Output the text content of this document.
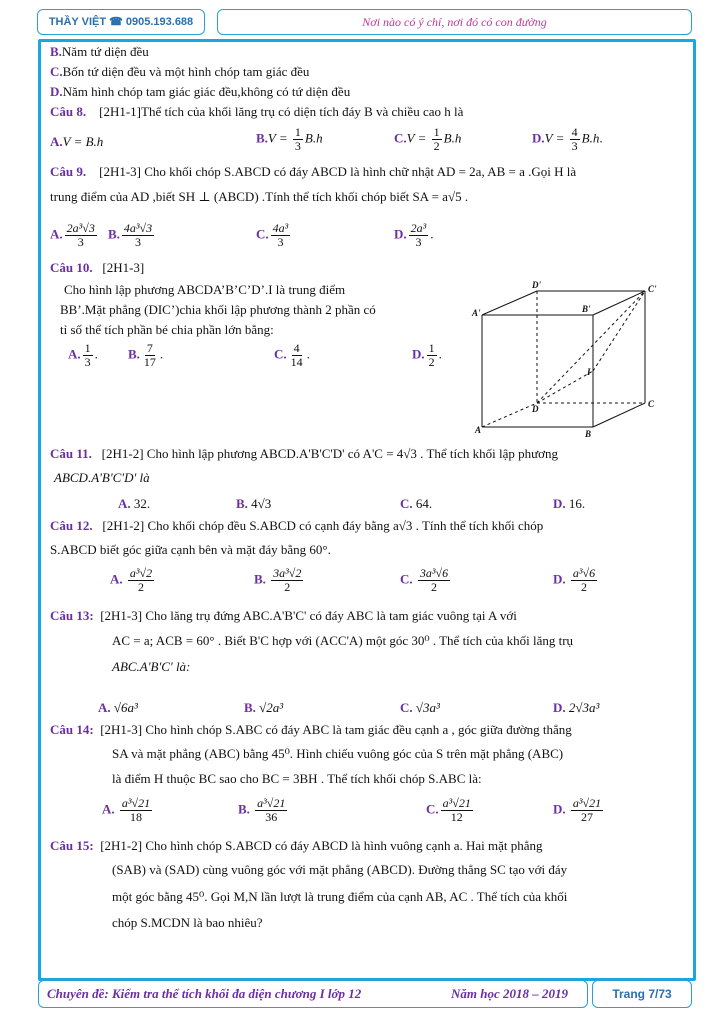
THẦY VIỆT ☎ 0905.193.688	Nơi nào có ý chí, nơi đó có con đường
B.Năm tứ diện đều
C.Bốn tứ diện đều và một hình chóp tam giác đều
D.Năm hình chóp tam giác giác đều,không có tứ diện đều
Câu 8. [2H1-1]Thể tích của khối lăng trụ có diện tích đáy B và chiều cao h là
A.V = B.h	$B.V = \frac{1}{3} B.h$	$C.V = \frac{1}{2} B.h$	$D.V = \frac{4}{3} B.h$.
Câu 9. [2H1-3] Cho khối chóp S.ABCD có đáy ABCD là hình chữ nhật AD = 2a, AB = a .Gọi H là
trung điểm của AD ,biết SH ⊥ (ABCD) .Tính thể tích khối chóp biết SA = a√5 .
A. $\frac{\text{2a³√3}}{3} B$. $\frac{\text{4a³√3}}{3}$	C. $\frac{\text{4a³}}{3}$	D. $\frac{\text{2a³}}{3}$ .
Câu 10. [2H1-3]
Cho hình lập phương ABCDA’B’C’D’.I là trung điểm
BB’.Mặt phẳng (DIC’)chia khối lập phương thành 2 phần có
tỉ số thể tích phần bé chia phần lớn bằng:
A. $\frac{1}{3}$ . B. $\frac{7}{17}$ .	C. $\frac{4}{14}$ .	D. $\frac{1}{2}$ .
D'	C'
A'	B'
I
D	C
A	B
Câu 11. [2H1-2] Cho hình lập phương ABCD.A'B'C'D' có A'C = 4√3 . Thể tích khối lập phương
ABCD.A'B'C'D' là
A. 32.	B. 4√3	C. 64.	D. 16.
Câu 12. [2H1-2] Cho khối chóp đều S.ABCD có cạnh đáy bằng a√3 . Tính thể tích khối chóp
S.ABCD biết góc giữa cạnh bên và mặt đáy bằng 60°.
A. $\frac{\text{a³√2}}{2}$	B. $\frac{\text{3a³√2}}{2}$	C. $\frac{\text{3a³√6}}{2}$	D. $\frac{\text{a³√6}}{2}$
Câu 13: [2H1-3] Cho lăng trụ đứng ABC.A'B'C' có đáy ABC là tam giác vuông tại A với
AC = a; ACB = 60° . Biết B'C hợp với (ACC'A) một góc 30⁰ . Thể tích của khối lăng trụ
ABC.A'B'C' là:
A. √6a³	B. √2a³	C. √3a³	D. 2√3a³
Câu 14: [2H1-3] Cho hình chóp S.ABC có đáy ABC là tam giác đều cạnh a , góc giữa đường thẳng
SA và mặt phẳng (ABC) bằng 45⁰. Hình chiếu vuông góc của S trên mặt phẳng (ABC)
là điểm H thuộc BC sao cho BC = 3BH . Thể tích khối chóp S.ABC là:
A. $\frac{\text{a³√21}}{18}$	B. $\frac{\text{a³√21}}{36}$	C. $\frac{\text{a³√21}}{12}$	D. $\frac{\text{a³√21}}{27}$
Câu 15: [2H1-2] Cho hình chóp S.ABCD có đáy ABCD là hình vuông cạnh a. Hai mặt phẳng
(SAB) và (SAD) cùng vuông góc với mặt phẳng (ABCD). Đường thẳng SC tạo với đáy
một góc bằng 45⁰. Gọi M,N lần lượt là trung điểm của cạnh AB, AC . Thể tích của khối
chóp S.MCDN là bao nhiêu?
Chuyên đề: Kiểm tra thể tích khối đa diện chương I lớp 12	Năm học 2018 – 2019	Trang 7/73
